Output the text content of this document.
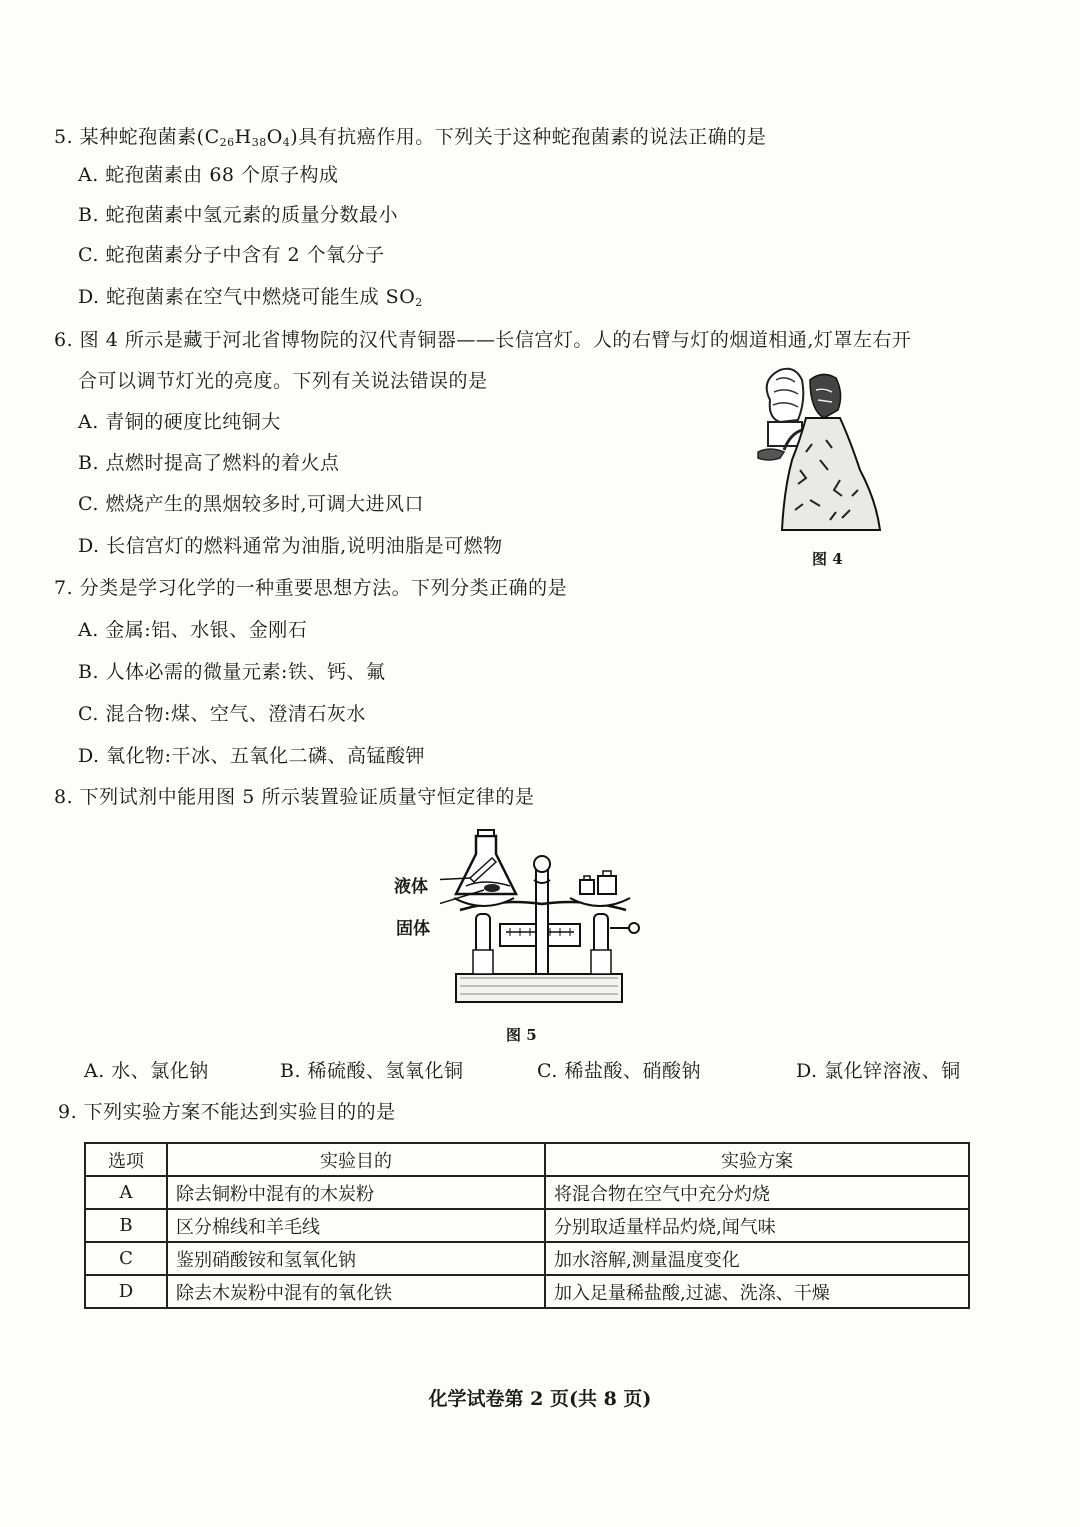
5. 某种蛇孢菌素$(C_{26}H_{38}O_4)$具有抗癌作用。下列关于这种蛇孢菌素的说法正确的是
A. 蛇孢菌素由 68 个原子构成
B. 蛇孢菌素中氢元素的质量分数最小
C. 蛇孢菌素分子中含有 2 个氧分子
D. 蛇孢菌素在空气中燃烧可能生成 $SO_2$
6. 图 4 所示是藏于河北省博物院的汉代青铜器——长信宫灯。人的右臂与灯的烟道相通,灯罩左右开
合可以调节灯光的亮度。下列有关说法错误的是
A. 青铜的硬度比纯铜大
B. 点燃时提高了燃料的着火点
C. 燃烧产生的黑烟较多时,可调大进风口
D. 长信宫灯的燃料通常为油脂,说明油脂是可燃物
图 4
7. 分类是学习化学的一种重要思想方法。下列分类正确的是
A. 金属:铝、水银、金刚石
B. 人体必需的微量元素:铁、钙、氟
C. 混合物:煤、空气、澄清石灰水
D. 氧化物:干冰、五氧化二磷、高锰酸钾
8. 下列试剂中能用图 5 所示装置验证质量守恒定律的是
液体
固体
图 5
A. 水、氯化钠	B. 稀硫酸、氢氧化铜	C. 稀盐酸、硝酸钠	D. 氯化锌溶液、铜
9. 下列实验方案不能达到实验目的的是
选项	实验目的	实验方案
A	除去铜粉中混有的木炭粉	将混合物在空气中充分灼烧
B	区分棉线和羊毛线	分别取适量样品灼烧,闻气味
C	鉴别硝酸铵和氢氧化钠	加水溶解,测量温度变化
D	除去木炭粉中混有的氧化铁	加入足量稀盐酸,过滤、洗涤、干燥
化学试卷第 2 页(共 8 页)
